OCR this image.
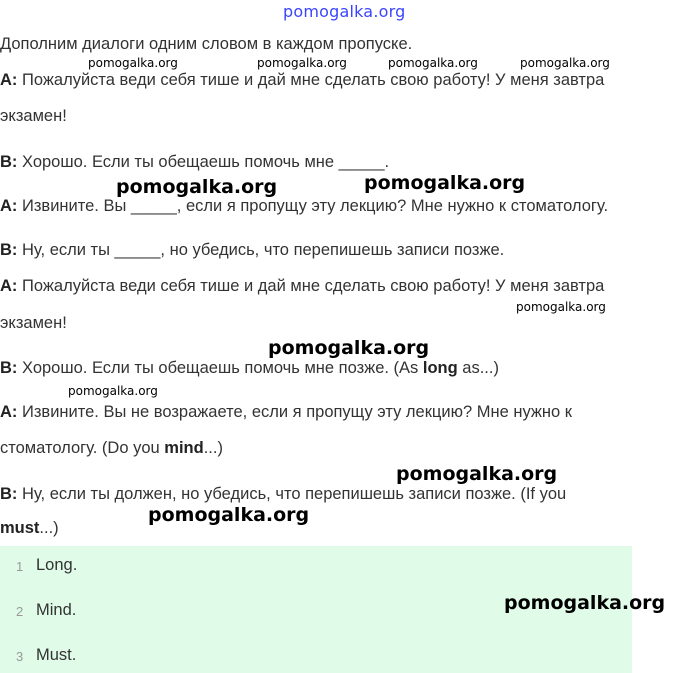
pomogalka.org
Дополним диалоги одним словом в каждом пропуске.
pomogalka.org	pomogalka.org	pomogalka.org	pomogalka.org
A: Пожалуйста веди себя тише и дай мне сделать свою работу! У меня завтра
экзамен!
B: Хорошо. Если ты обещаешь помочь мне _____.
pomogalka.org	pomogalka.org
A: Извините. Вы _____, если я пропущу эту лекцию? Мне нужно к стоматологу.
B: Ну, если ты _____, но убедись, что перепишешь записи позже.
A: Пожалуйста веди себя тише и дай мне сделать свою работу! У меня завтра
pomogalka.org
экзамен!
pomogalka.org
B: Хорошо. Если ты обещаешь помочь мне позже. (As long as...)
pomogalka.org
A: Извините. Вы не возражаете, если я пропущу эту лекцию? Мне нужно к
стоматологу. (Do you mind...)
pomogalka.org
B: Ну, если ты должен, но убедись, что перепишешь записи позже. (If you
pomogalka.org
must...)
1 Long.
2 Mind.
3 Must.
pomogalka.org
